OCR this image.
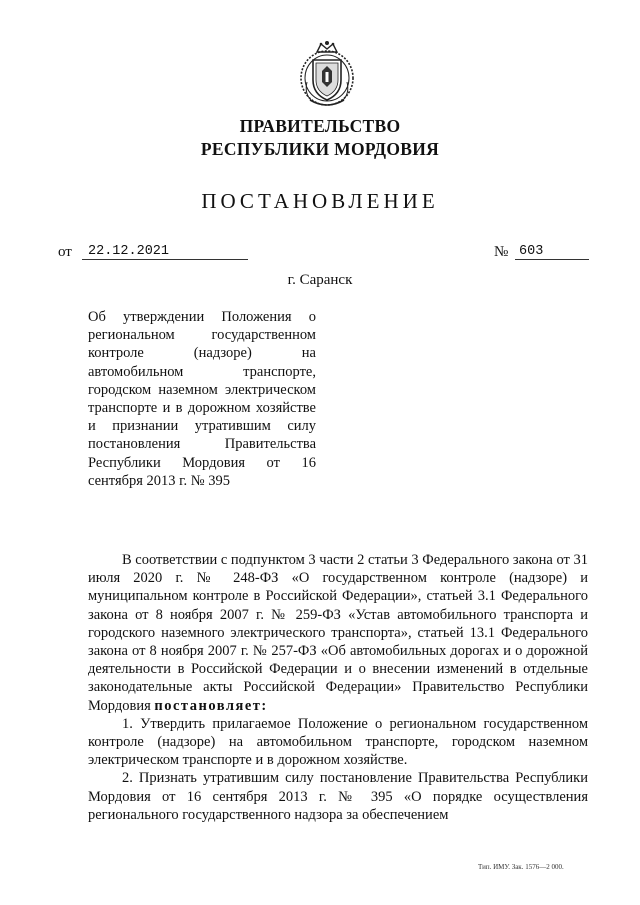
ПРАВИТЕЛЬСТВО
РЕСПУБЛИКИ МОРДОВИЯ
ПОСТАНОВЛЕНИЕ
от	22.12.2021	№ 603
г. Саранск
Об утверждении Положения о региональном государственном контроле (надзоре) на автомобильном транспорте, городском наземном электрическом транспорте и в дорожном хозяйстве и признании утратившим силу постановления Правительства Республики Мордовия от 16 сентября 2013 г. № 395

В соответствии с подпунктом 3 части 2 статьи 3 Федерального закона от 31 июля 2020 г. № 248-ФЗ «О государственном контроле (надзоре) и муниципальном контроле в Российской Федерации», статьей 3.1 Федерального закона от 8 ноября 2007 г. № 259-ФЗ «Устав автомобильного транспорта и городского наземного электрического транспорта», статьей 13.1 Федерального закона от 8 ноября 2007 г. № 257-ФЗ «Об автомобильных дорогах и о дорожной деятельности в Российской Федерации и о внесении изменений в отдельные законодательные акты Российской Федерации» Правительство Республики Мордовия постановляет:

1. Утвердить прилагаемое Положение о региональном государственном контроле (надзоре) на автомобильном транспорте, городском наземном электрическом транспорте и в дорожном хозяйстве.

2. Признать утратившим силу постановление Правительства Республики Мордовия от 16 сентября 2013 г. № 395 «О порядке осуществления регионального государственного надзора за обеспечением

Тип. ИМУ. Зак. 1576—2 000.
